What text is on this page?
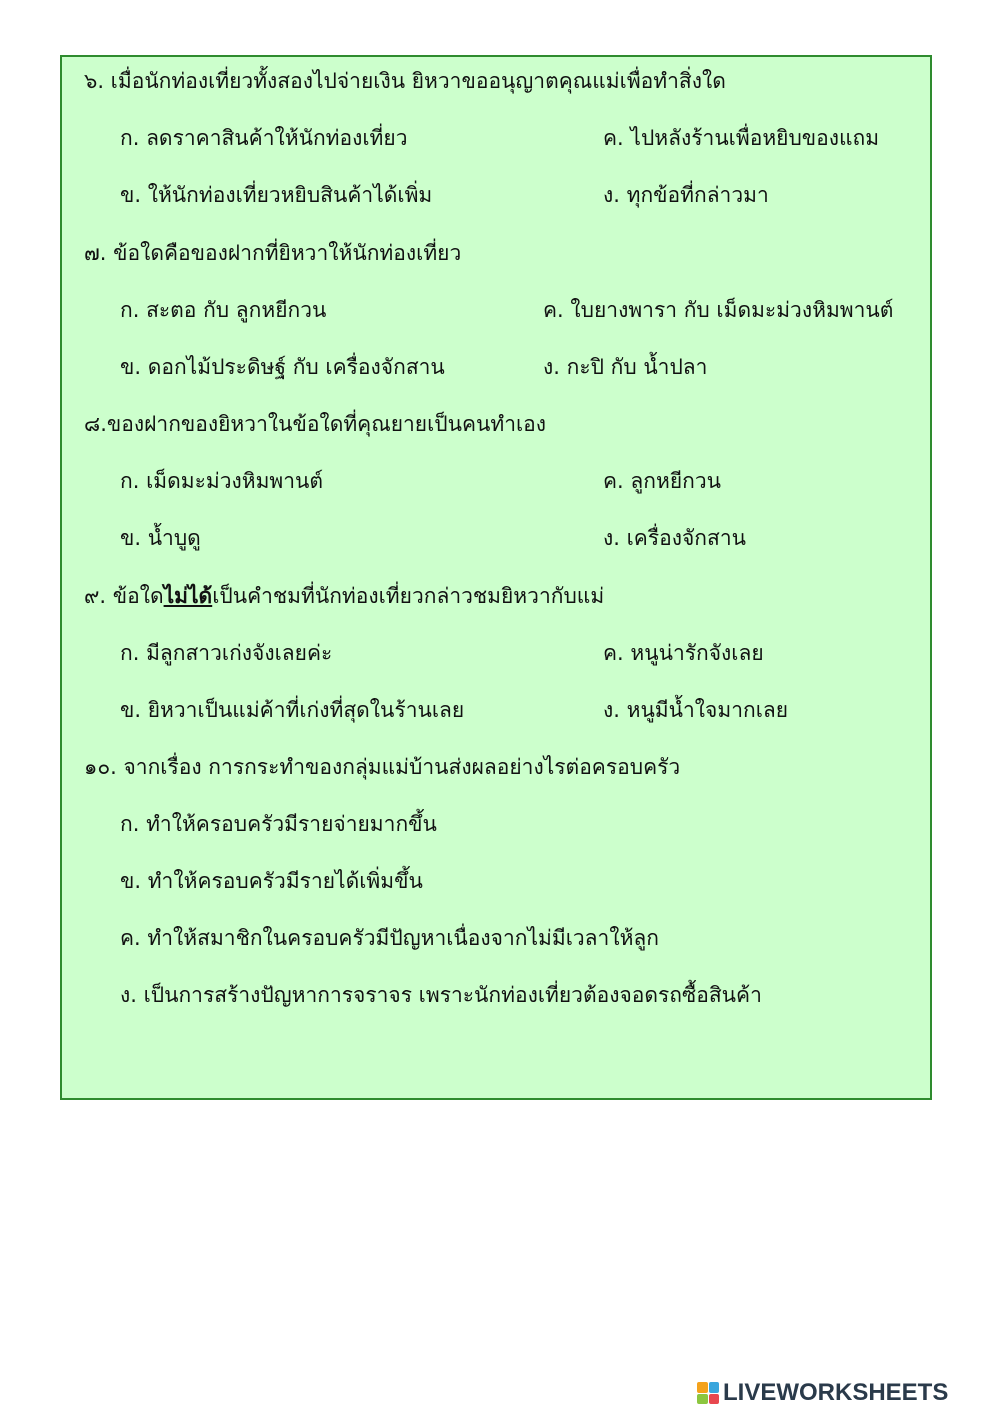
๖. เมื่อนักท่องเที่ยวทั้งสองไปจ่ายเงิน ยิหวาขออนุญาตคุณแม่เพื่อทำสิ่งใด
ก. ลดราคาสินค้าให้นักท่องเที่ยว	ค. ไปหลังร้านเพื่อหยิบของแถม
ข. ให้นักท่องเที่ยวหยิบสินค้าได้เพิ่ม	ง. ทุกข้อที่กล่าวมา
๗. ข้อใดคือของฝากที่ยิหวาให้นักท่องเที่ยว
ก. สะตอ กับ ลูกหยีกวน	ค. ใบยางพารา กับ เม็ดมะม่วงหิมพานต์
ข. ดอกไม้ประดิษฐ์ กับ เครื่องจักสาน	ง. กะปิ กับ น้ำปลา
๘.ของฝากของยิหวาในข้อใดที่คุณยายเป็นคนทำเอง
ก. เม็ดมะม่วงหิมพานต์	ค. ลูกหยีกวน
ข. น้ำบูดู	ง. เครื่องจักสาน
๙. ข้อใดไม่ได้เป็นคำชมที่นักท่องเที่ยวกล่าวชมยิหวากับแม่
ก. มีลูกสาวเก่งจังเลยค่ะ	ค. หนูน่ารักจังเลย
ข. ยิหวาเป็นแม่ค้าที่เก่งที่สุดในร้านเลย	ง. หนูมีน้ำใจมากเลย
๑๐. จากเรื่อง การกระทำของกลุ่มแม่บ้านส่งผลอย่างไรต่อครอบครัว
ก. ทำให้ครอบครัวมีรายจ่ายมากขึ้น
ข. ทำให้ครอบครัวมีรายได้เพิ่มขึ้น
ค. ทำให้สมาชิกในครอบครัวมีปัญหาเนื่องจากไม่มีเวลาให้ลูก
ง. เป็นการสร้างปัญหาการจราจร เพราะนักท่องเที่ยวต้องจอดรถซื้อสินค้า
LIVEWORKSHEETS
